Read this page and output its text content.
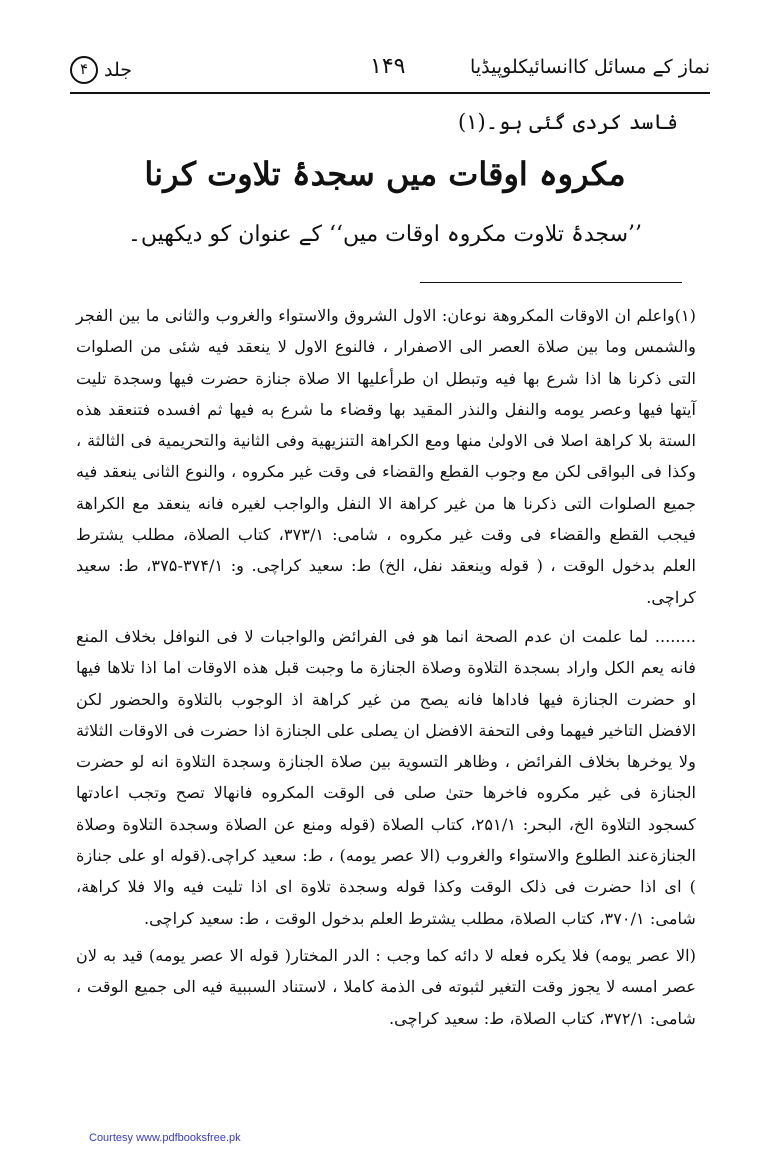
نماز کے مسائل کاانسائیکلوپیڈیا
۱۴۹
جلد
۴
فاسد کردی گئی ہو۔(۱)
مکروہ اوقات میں سجدۂ تلاوت کرنا
’’سجدۂ تلاوت مکروہ اوقات میں‘‘ کے عنوان کو دیکھیں۔

(۱)واعلم ان الاوقات المکروهة نوعان: الاول الشروق والاستواء والغروب والثانی ما بین الفجر والشمس وما بین صلاة العصر الی الاصفرار ، فالنوع الاول لا ینعقد فیه شئی من الصلوات التی ذکرنا ها اذا شرع بها فیه وتبطل ان طرأعلیها الا صلاة جنازة حضرت فیها وسجدة تلیت آیتها فیها وعصر یومه والنفل والنذر المقید بها وقضاء ما شرع به فیها ثم افسده فتنعقد هذه الستة بلا کراهة اصلا فی الاولیٰ منها ومع الکراهة التنزیهیة وفی الثانیة والتحریمیة فی الثالثة ، وکذا فی البواقی لکن مع وجوب القطع والقضاء فی وقت غیر مکروه ، والنوع الثانی ینعقد فیه جمیع الصلوات التی ذکرنا ها من غیر کراهة الا النفل والواجب لغیره فانه ینعقد مع الکراهة فیجب القطع والقضاء فی وقت غیر مکروه ، شامی: ۳۷۳/۱، کتاب الصلاة، مطلب یشترط العلم بدخول الوقت ، ( قوله وینعقد نفل، الخ) ط: سعید کراچی. و: ۳۷۴/۱-۳۷۵، ط: سعید کراچی.

........ لما علمت ان عدم الصحة انما هو فی الفرائض والواجبات لا فی النوافل بخلاف المنع فانه یعم الکل واراد بسجدة التلاوة وصلاة الجنازة ما وجبت قبل هذه الاوقات اما اذا تلاها فیها او حضرت الجنازة فیها فاداها فانه یصح من غیر کراهة اذ الوجوب بالتلاوة والحضور لکن الافضل التاخیر فیهما وفی التحفة الافضل ان یصلی علی الجنازة اذا حضرت فی الاوقات الثلاثة ولا یوخرها بخلاف الفرائض ، وظاهر التسویة بین صلاة الجنازة وسجدة التلاوة انه لو حضرت الجنازة فی غیر مکروه فاخرها حتیٰ صلی فی الوقت المکروه فانهالا تصح وتجب اعادتها کسجود التلاوة الخ، البحر: ۲۵۱/۱، کتاب الصلاة (قوله ومنع عن الصلاة وسجدة التلاوة وصلاة الجنازةعند الطلوع والاستواء والغروب (الا عصر یومه) ، ط: سعید کراچی.(قوله او علی جنازة ) ای اذا حضرت فی ذلک الوقت وکذا قوله وسجدة تلاوة ای اذا تلیت فیه والا فلا کراهة، شامی: ۳۷۰/۱، کتاب الصلاة، مطلب یشترط العلم بدخول الوقت ، ط: سعید کراچی.

(الا عصر یومه) فلا یکره فعله لا دائه کما وجب : الدر المختار( قوله الا عصر یومه) قید به لان عصر امسه لا یجوز وقت التغیر لثبوته فی الذمة کاملا ، لاستناد السببیة فیه الی جمیع الوقت ، شامی: ۳۷۲/۱، کتاب الصلاة، ط: سعید کراچی.

Courtesy www.pdfbooksfree.pk
